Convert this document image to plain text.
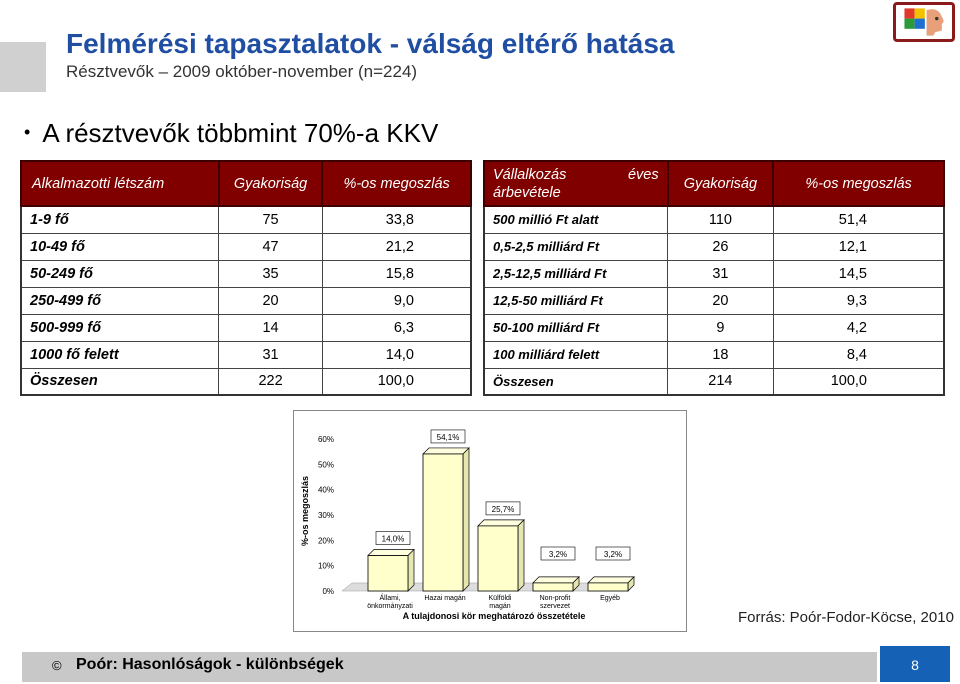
Felmérési tapasztalatok - válság eltérő hatása
Résztvevők – 2009 október-november (n=224)
• A résztvevők többmint 70%-a KKV
Alkalmazotti létszám	Gyakoriság	%-os megoszlás
1-9 fő	75	33,8
10-49 fő	47	21,2
50-249 fő	35	15,8
250-499 fő	20	9,0
500-999 fő	14	6,3
1000 fő felett	31	14,0
Összesen	222	100,0
Vállalkozás éves
árbevétele	Gyakoriság	%-os megoszlás
500 millió Ft alatt	110	51,4
0,5-2,5 milliárd Ft	26	12,1
2,5-12,5 milliárd Ft	31	14,5
12,5-50 milliárd Ft	20	9,3
50-100 milliárd Ft	9	4,2
100 milliárd felett	18	8,4
Összesen	214	100,0
0%
10%
20%
30%
40%
50%
60%
%-os megoszlás	14,0%
Állami,
önkormányzati
54,1%
Hazai magán
25,7%
Külföldi
magán
3,2%
Non-profit
szervezet
3,2%
Egyéb
A tulajdonosi kör meghatározó összetétele	Forrás: Poór-Fodor-Köcse, 2010
© Poór: Hasonlóságok - különbségek	8
